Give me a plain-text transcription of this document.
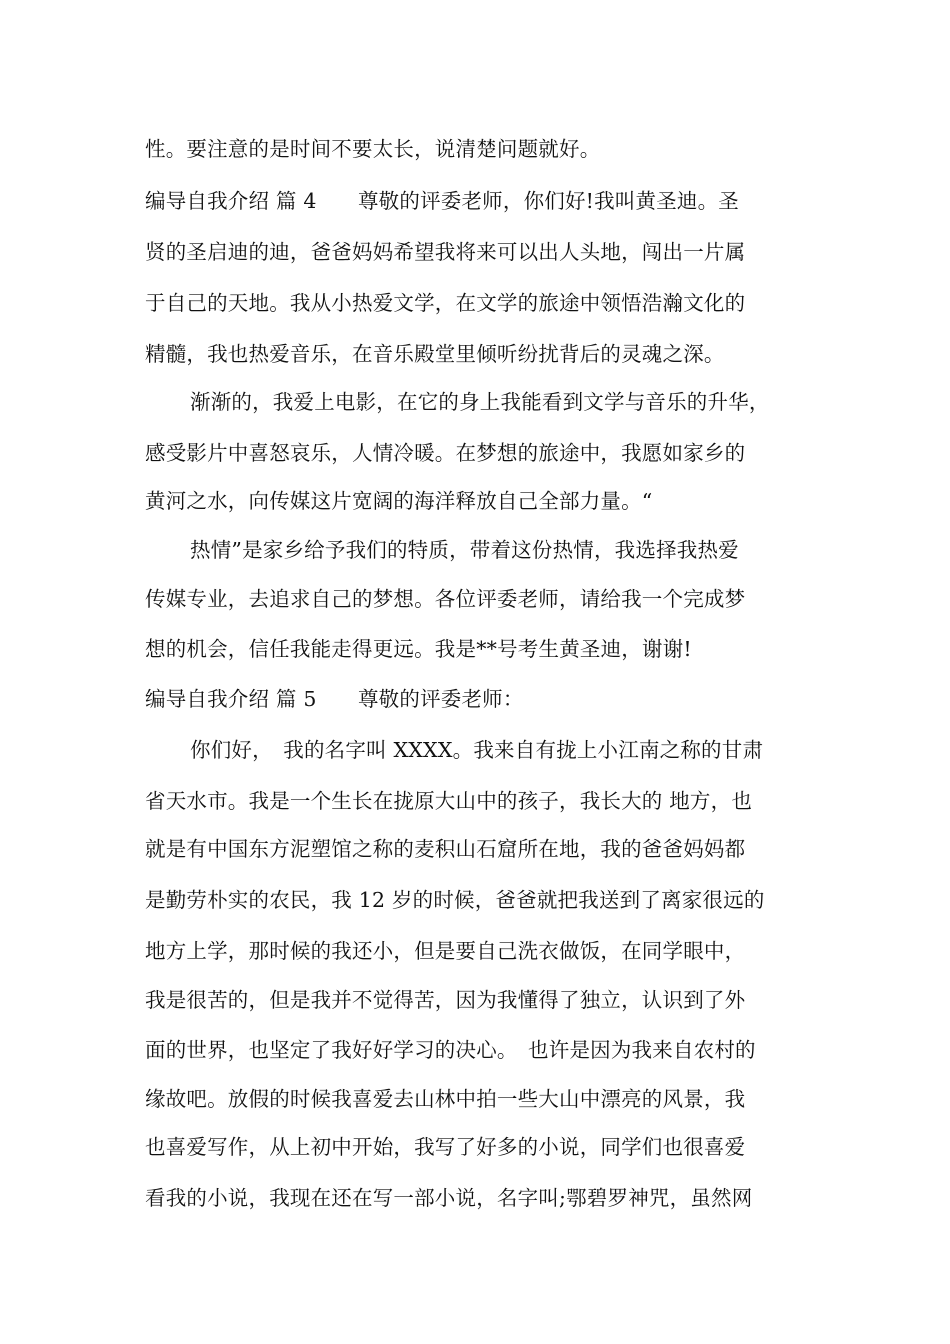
性。要注意的是时间不要太长，说清楚问题就好。
编导自我介绍 篇 4　　尊敬的评委老师，你们好!我叫黄圣迪。圣
贤的圣启迪的迪，爸爸妈妈希望我将来可以出人头地，闯出一片属
于自己的天地。我从小热爱文学，在文学的旅途中领悟浩瀚文化的
精髓，我也热爱音乐，在音乐殿堂里倾听纷扰背后的灵魂之深。
渐渐的，我爱上电影，在它的身上我能看到文学与音乐的升华，
感受影片中喜怒哀乐，人情冷暖。在梦想的旅途中，我愿如家乡的
黄河之水，向传媒这片宽阔的海洋释放自己全部力量。“
热情”是家乡给予我们的特质，带着这份热情，我选择我热爱
传媒专业，去追求自己的梦想。各位评委老师，请给我一个完成梦
想的机会，信任我能走得更远。我是**号考生黄圣迪，谢谢!
编导自我介绍 篇 5　　尊敬的评委老师：
你们好，　我的名字叫 XXXX。我来自有拢上小江南之称的甘肃
省天水市。我是一个生长在拢原大山中的孩子，我长大的 地方，也
就是有中国东方泥塑馆之称的麦积山石窟所在地，我的爸爸妈妈都
是勤劳朴实的农民，我 12 岁的时候，爸爸就把我送到了离家很远的
地方上学，那时候的我还小，但是要自己洗衣做饭，在同学眼中，
我是很苦的，但是我并不觉得苦，因为我懂得了独立，认识到了外
面的世界，也坚定了我好好学习的决心。　也许是因为我来自农村的
缘故吧。放假的时候我喜爱去山林中拍一些大山中漂亮的风景，我
也喜爱写作，从上初中开始，我写了好多的小说，同学们也很喜爱
看我的小说，我现在还在写一部小说，名字叫;鄂碧罗神咒，虽然网
